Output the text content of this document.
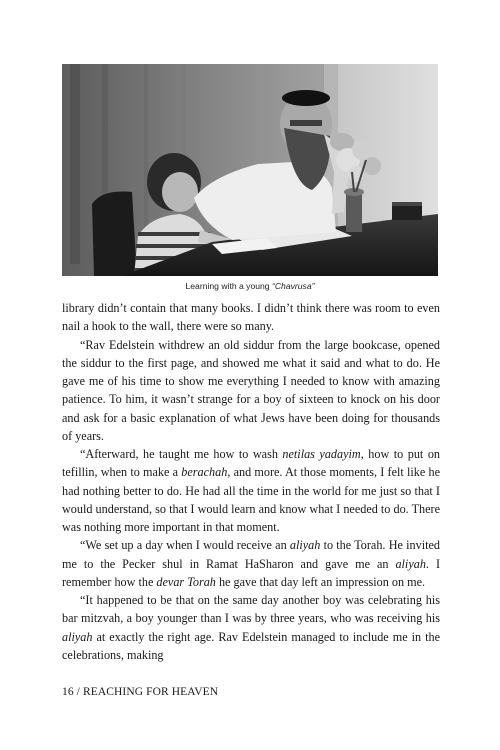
Learning with a young “Chavrusa”

library didn’t contain that many books. I didn’t think there was room to even nail a hook to the wall, there were so many.

“Rav Edelstein withdrew an old siddur from the large bookcase, opened the siddur to the first page, and showed me what it said and what to do. He gave me of his time to show me everything I needed to know with amazing patience. To him, it wasn’t strange for a boy of sixteen to knock on his door and ask for a basic explanation of what Jews have been doing for thousands of years.

“Afterward, he taught me how to wash netilas yadayim, how to put on tefillin, when to make a berachah, and more. At those moments, I felt like he had nothing better to do. He had all the time in the world for me just so that I would understand, so that I would learn and know what I needed to do. There was nothing more important in that moment.

“We set up a day when I would receive an aliyah to the Torah. He invited me to the Pecker shul in Ramat HaSharon and gave me an aliyah. I remember how the devar Torah he gave that day left an impression on me.

“It happened to be that on the same day another boy was celebrating his bar mitzvah, a boy younger than I was by three years, who was receiving his aliyah at exactly the right age. Rav Edelstein managed to include me in the celebrations, making

16 / REACHING FOR HEAVEN
